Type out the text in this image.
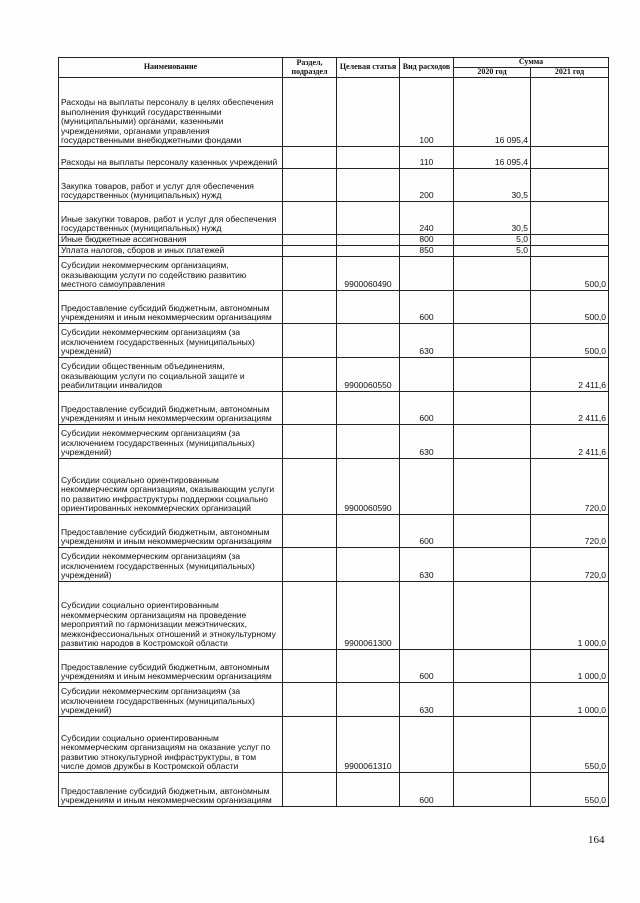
Наименование	Раздел, подраздел	Целевая статья	Вид расходов	Сумма	
				2020 год	2021 год
Расходы на выплаты персоналу в целях обеспечения выполнения функций государственными (муниципальными) органами, казенными учреждениями, органами управления государственными внебюджетными фондами			100	16 095,4	
Расходы на выплаты персоналу казенных учреждений			110	16 095,4	
Закупка товаров, работ и услуг для обеспечения государственных (муниципальных) нужд			200	30,5	
Иные закупки товаров, работ и услуг для обеспечения государственных (муниципальных) нужд			240	30,5	
Иные бюджетные ассигнования			800	5,0	
Уплата налогов, сборов и иных платежей			850	5,0	
Субсидии некоммерческим организациям, оказывающим услуги по содействию развитию местного самоуправления		9900060490			500,0
Предоставление субсидий бюджетным, автономным учреждениям и иным некоммерческим организациям			600		500,0
Субсидии некоммерческим организациям (за исключением государственных (муниципальных) учреждений)			630		500,0
Субсидии общественным объединениям, оказывающим услуги по социальной защите и реабилитации инвалидов		9900060550			2 411,6
Предоставление субсидий бюджетным, автономным учреждениям и иным некоммерческим организациям			600		2 411,6
Субсидии некоммерческим организациям (за исключением государственных (муниципальных) учреждений)			630		2 411,6
Субсидии социально ориентированным некоммерческим организациям, оказывающим услуги по развитию инфраструктуры поддержки социально ориентированных некоммерческих организаций		9900060590			720,0
Предоставление субсидий бюджетным, автономным учреждениям и иным некоммерческим организациям			600		720,0
Субсидии некоммерческим организациям (за исключением государственных (муниципальных) учреждений)			630		720,0
Субсидии социально ориентированным некоммерческим организациям на проведение мероприятий по гармонизации межэтнических, межконфессиональных отношений и этнокультурному развитию народов в Костромской области		9900061300			1 000,0
Предоставление субсидий бюджетным, автономным учреждениям и иным некоммерческим организациям			600		1 000,0
Субсидии некоммерческим организациям (за исключением государственных (муниципальных) учреждений)			630		1 000,0
Субсидии социально ориентированным некоммерческим организациям на оказание услуг по развитию этнокультурной инфраструктуры, в том числе домов дружбы в Костромской области		9900061310			550,0
Предоставление субсидий бюджетным, автономным учреждениям и иным некоммерческим организациям			600		550,0
164
